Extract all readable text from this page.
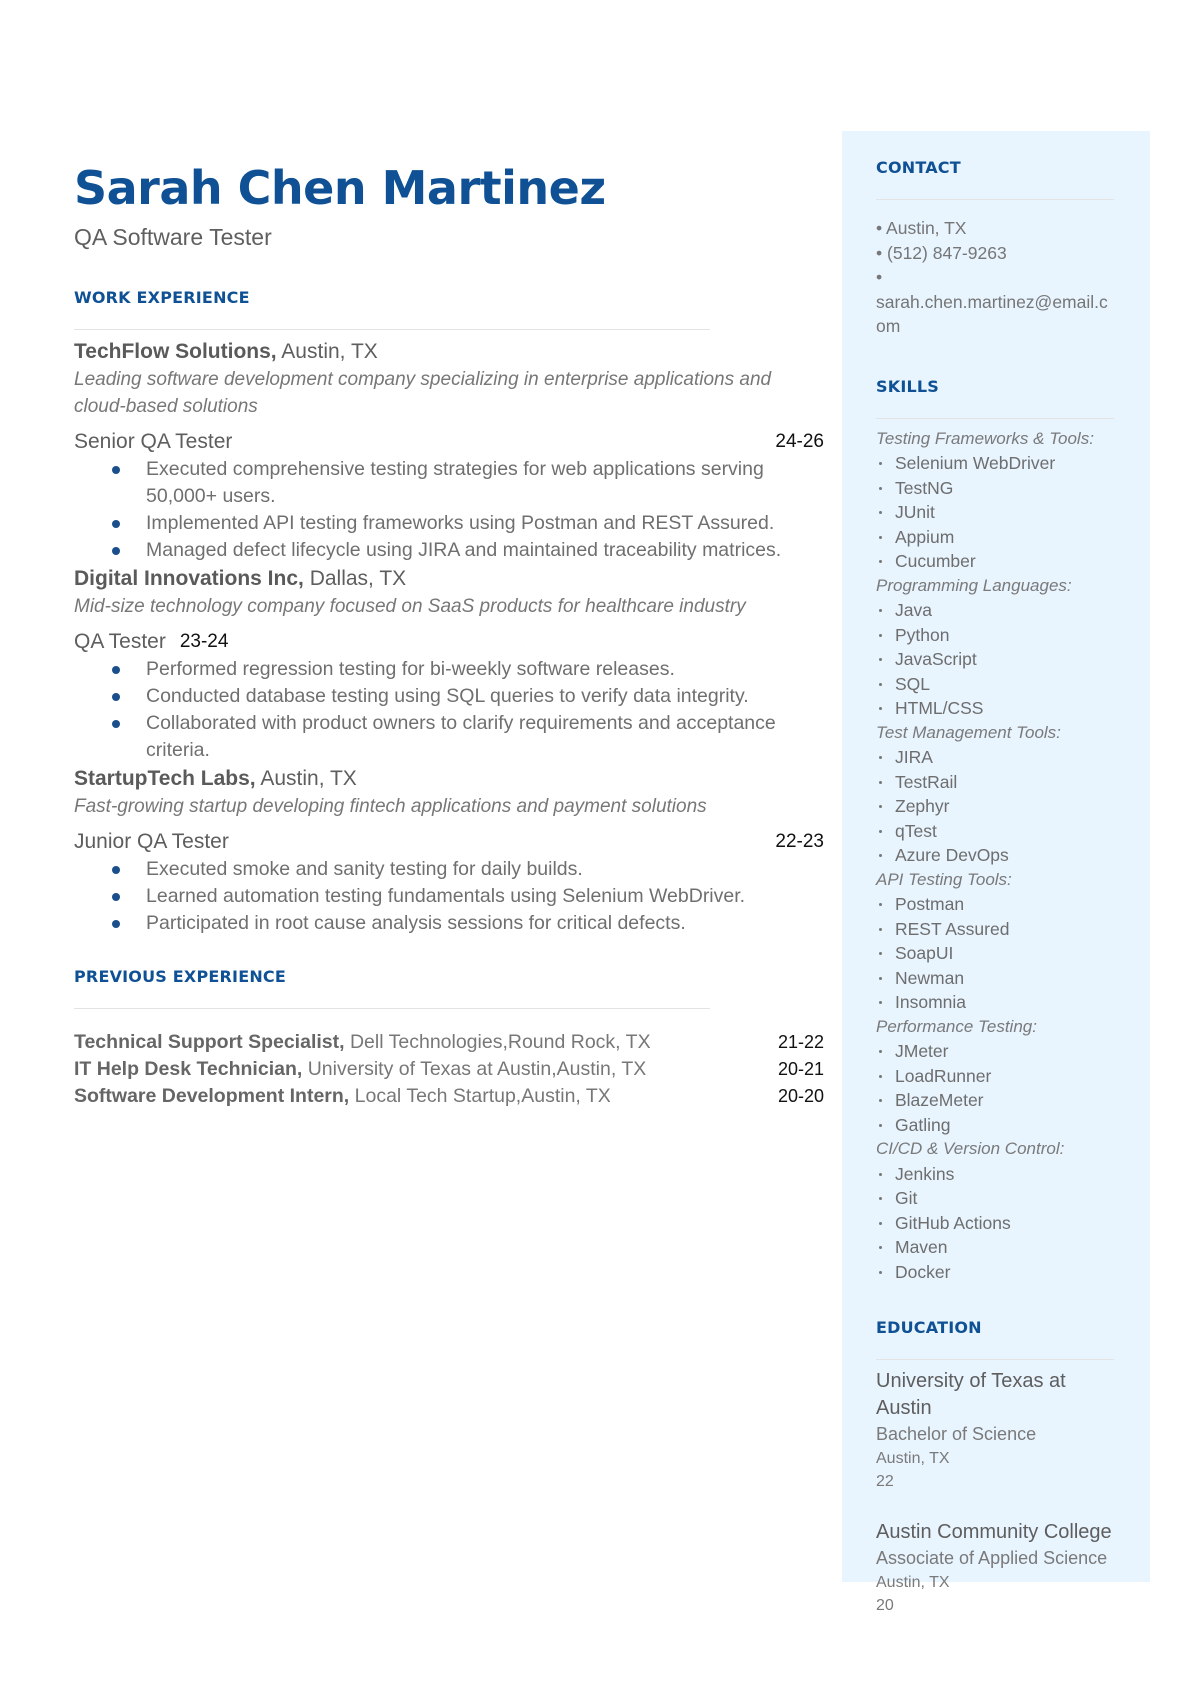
Sarah Chen Martinez
QA Software Tester
WORK EXPERIENCE
TechFlow Solutions, Austin, TX
Leading software development company specializing in enterprise applications and cloud-based solutions
Senior QA Tester	24-26
Executed comprehensive testing strategies for web applications serving 50,000+ users.
Implemented API testing frameworks using Postman and REST Assured.
Managed defect lifecycle using JIRA and maintained traceability matrices.
Digital Innovations Inc, Dallas, TX
Mid-size technology company focused on SaaS products for healthcare industry
QA Tester 23-24
Performed regression testing for bi-weekly software releases.
Conducted database testing using SQL queries to verify data integrity.
Collaborated with product owners to clarify requirements and acceptance criteria.
StartupTech Labs, Austin, TX
Fast-growing startup developing fintech applications and payment solutions
Junior QA Tester	22-23
Executed smoke and sanity testing for daily builds.
Learned automation testing fundamentals using Selenium WebDriver.
Participated in root cause analysis sessions for critical defects.
PREVIOUS EXPERIENCE
Technical Support Specialist, Dell Technologies,Round Rock, TX	21-22
IT Help Desk Technician, University of Texas at Austin,Austin, TX	20-21
Software Development Intern, Local Tech Startup,Austin, TX	20-20
CONTACT
• Austin, TX
• (512) 847-9263
•
sarah.chen.martinez@email.com
SKILLS
Testing Frameworks & Tools:
Selenium WebDriver
TestNG
JUnit
Appium
Cucumber
Programming Languages:
Java
Python
JavaScript
SQL
HTML/CSS
Test Management Tools:
JIRA
TestRail
Zephyr
qTest
Azure DevOps
API Testing Tools:
Postman
REST Assured
SoapUI
Newman
Insomnia
Performance Testing:
JMeter
LoadRunner
BlazeMeter
Gatling
CI/CD & Version Control:
Jenkins
Git
GitHub Actions
Maven
Docker
EDUCATION
University of Texas at Austin
Bachelor of Science
Austin, TX
22
Austin Community College
Associate of Applied Science
Austin, TX
20
